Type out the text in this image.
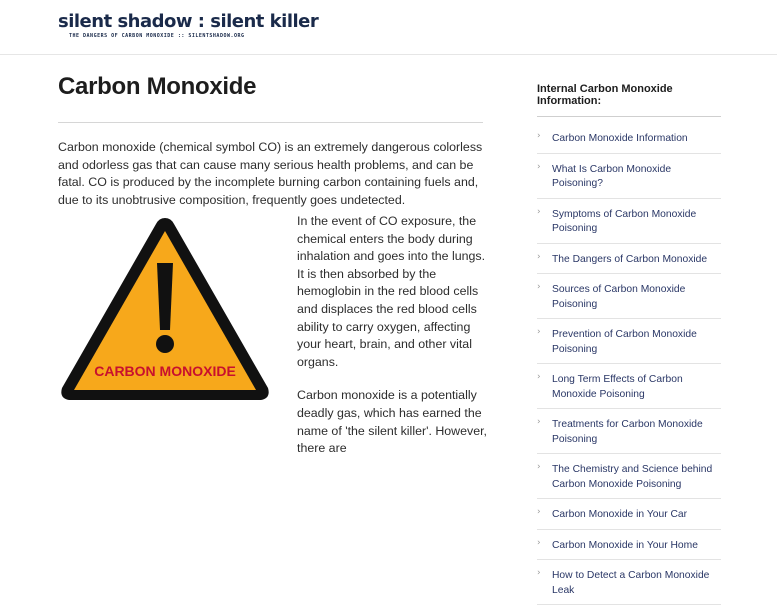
silent shadow : silent killer
THE DANGERS OF CARBON MONOXIDE :: SILENTSHADOW.ORG
Carbon Monoxide

Carbon monoxide (chemical symbol CO) is an extremely dangerous colorless and odorless gas that can cause many serious health problems, and can be fatal. CO is produced by the incomplete burning carbon containing fuels and, due to its unobtrusive composition, frequently goes undetected.

CARBON MONOXIDE

In the event of CO exposure, the chemical enters the body during inhalation and goes into the lungs. It is then absorbed by the hemoglobin in the red blood cells and displaces the red blood cells ability to carry oxygen, affecting your heart, brain, and other vital organs.

Carbon monoxide is a potentially deadly gas, which has earned the name of 'the silent killer'. However, there are

Internal Carbon Monoxide Information:
› Carbon Monoxide Information
› What Is Carbon Monoxide Poisoning?
› Symptoms of Carbon Monoxide Poisoning
› The Dangers of Carbon Monoxide
› Sources of Carbon Monoxide Poisoning
› Prevention of Carbon Monoxide Poisoning
› Long Term Effects of Carbon Monoxide Poisoning
› Treatments for Carbon Monoxide Poisoning
› The Chemistry and Science behind Carbon Monoxide Poisoning
› Carbon Monoxide in Your Car
› Carbon Monoxide in Your Home
› How to Detect a Carbon Monoxide Leak
